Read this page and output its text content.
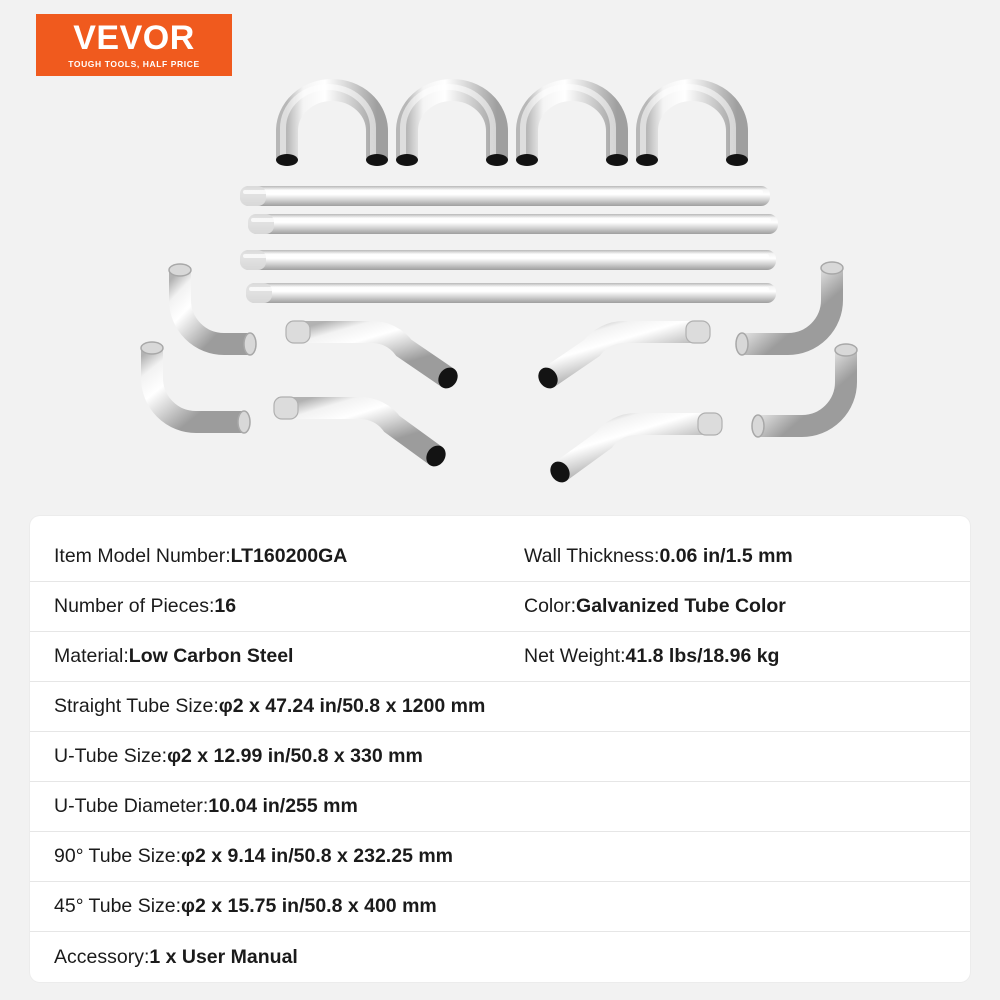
VEVOR
TOUGH TOOLS, HALF PRICE
Item Model Number: LT160200GA	Wall Thickness: 0.06 in/1.5 mm
Number of Pieces: 16	Color: Galvanized Tube Color
Material: Low Carbon Steel	Net Weight: 41.8 lbs/18.96 kg
Straight Tube Size: φ2 x 47.24 in/50.8 x 1200 mm
U-Tube Size: φ2 x 12.99 in/50.8 x 330 mm
U-Tube Diameter: 10.04 in/255 mm
90° Tube Size: φ2 x 9.14 in/50.8 x 232.25 mm
45° Tube Size: φ2 x 15.75 in/50.8 x 400 mm
Accessory: 1 x User Manual
